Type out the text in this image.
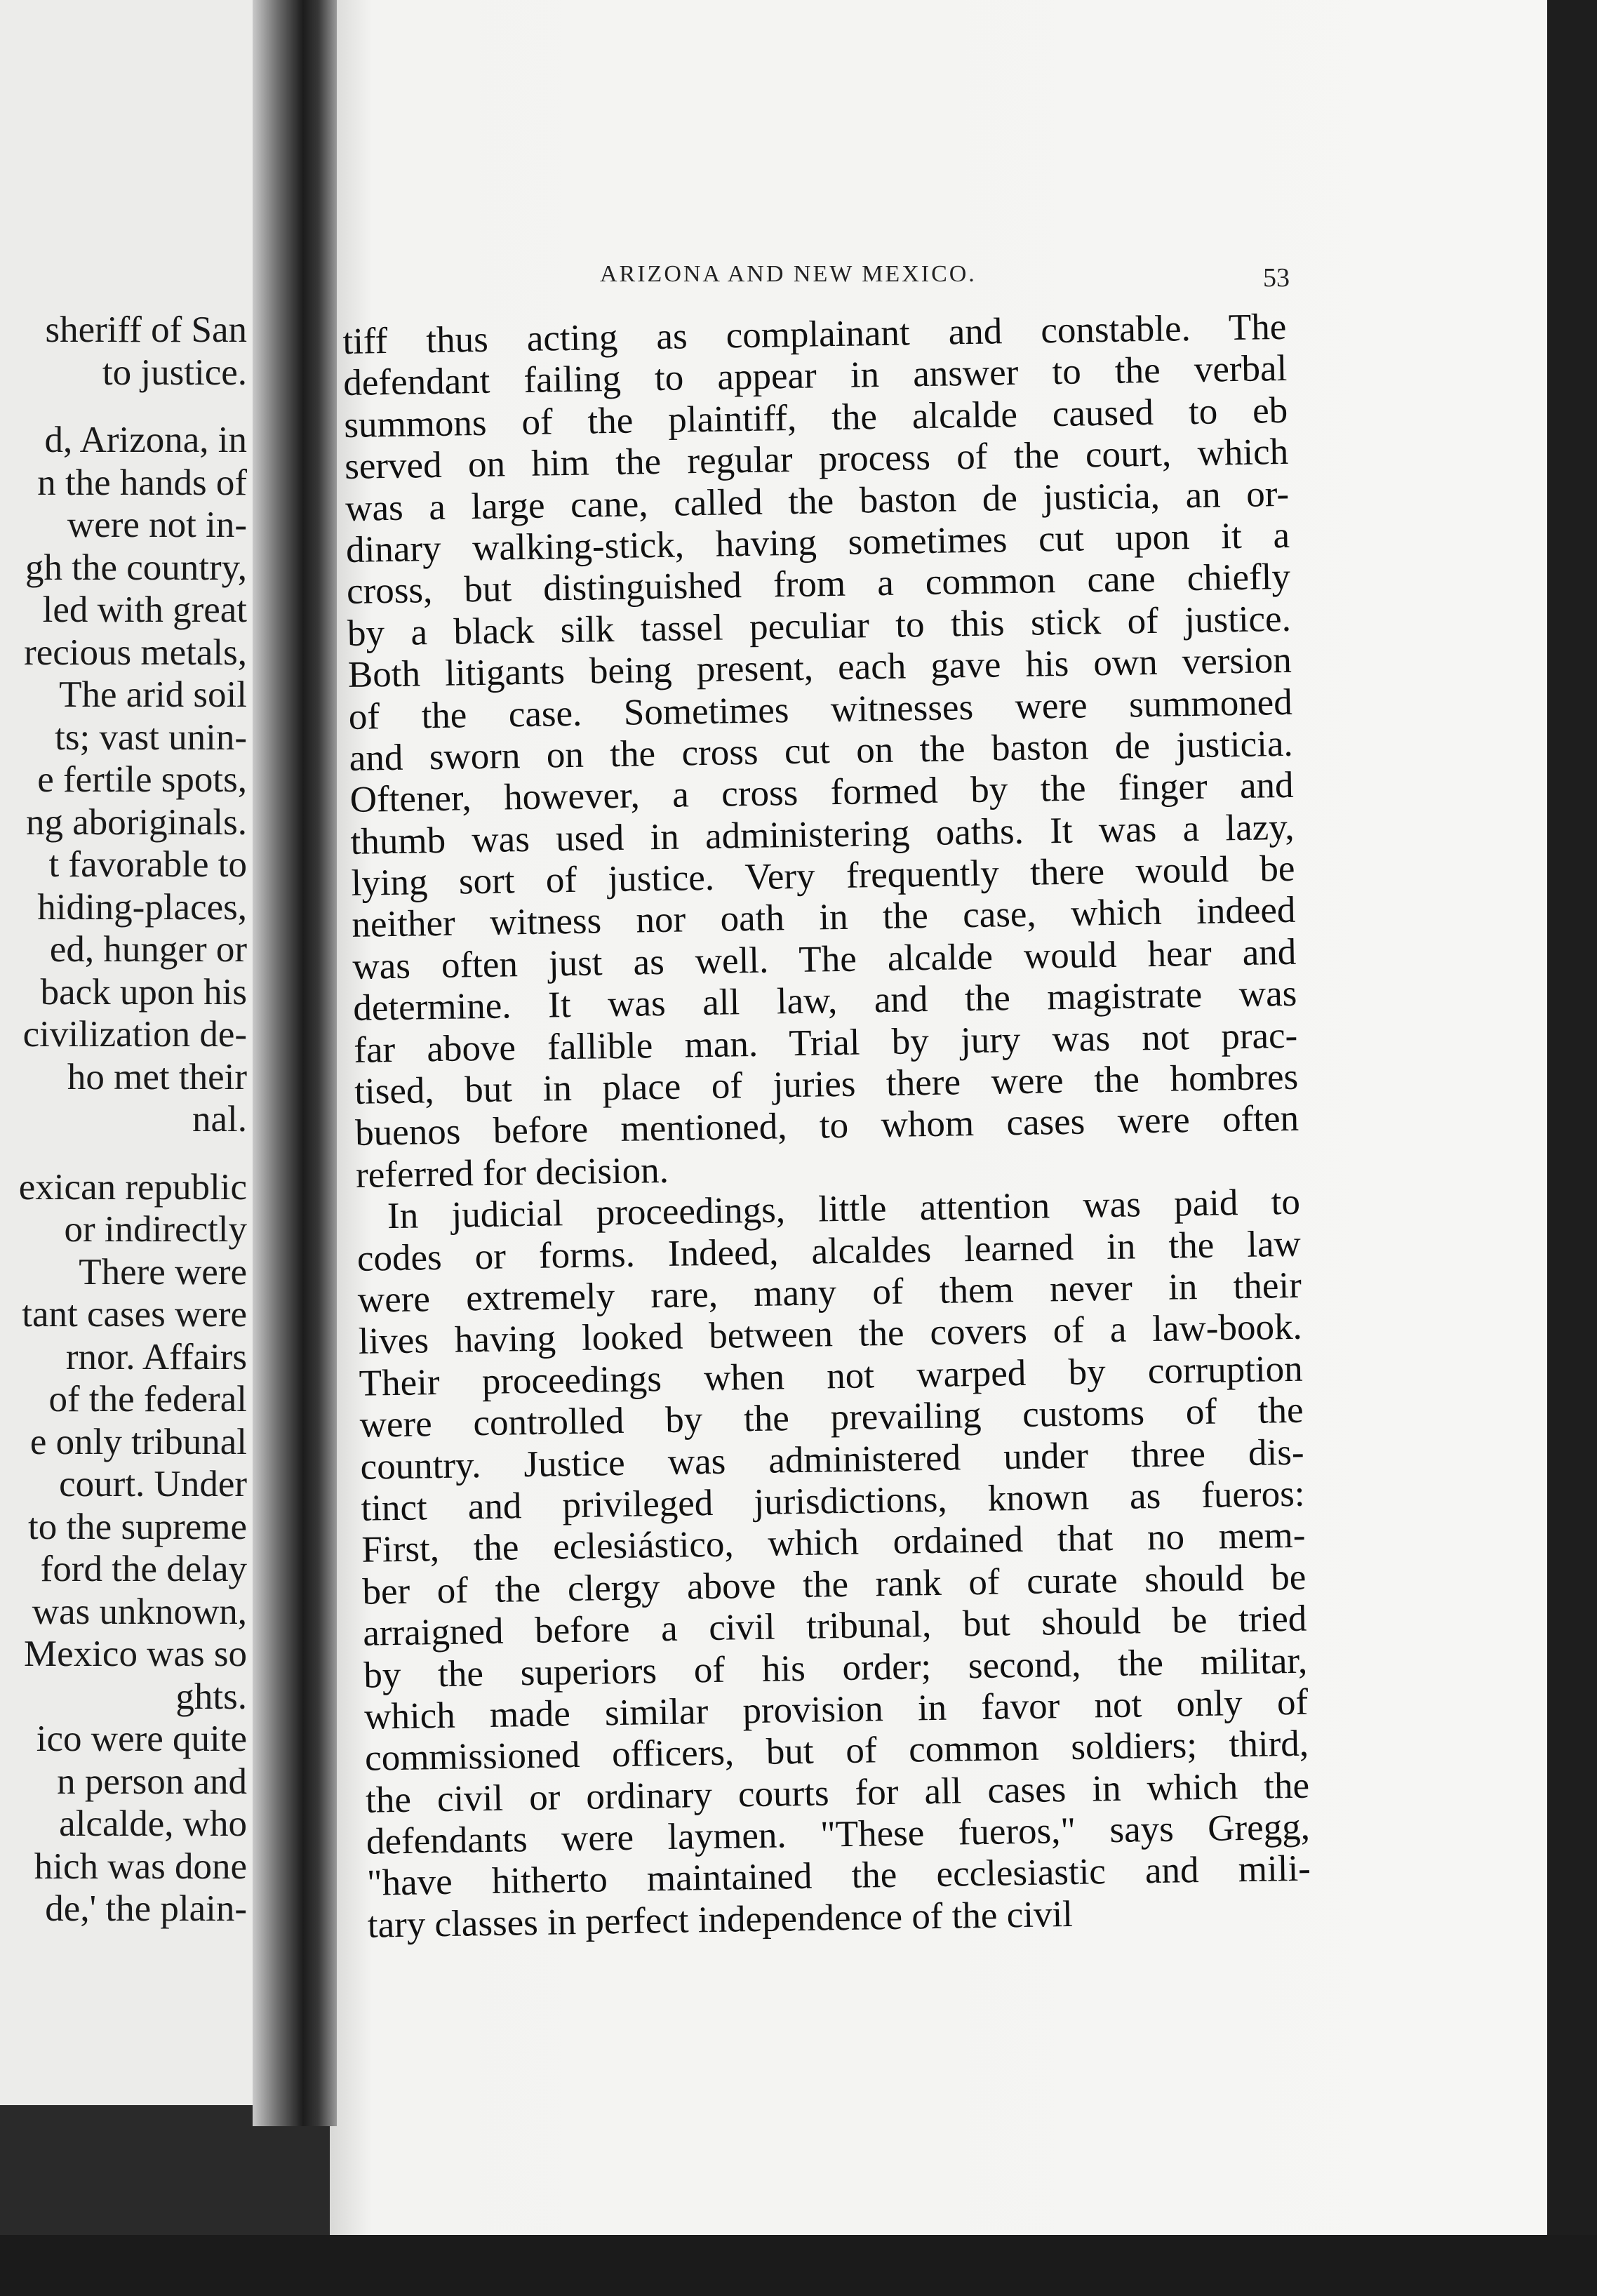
sheriff of San
to justice.
d, Arizona, in
n the hands of
were not in-
gh the country,
led with great
recious metals,
The arid soil
ts; vast unin-
e fertile spots,
ng aboriginals.
t favorable to
hiding-places,
ed, hunger or
back upon his
civilization de-
ho met their
nal.
exican republic
or indirectly
There were
tant cases were
rnor. Affairs
of the federal
e only tribunal
court. Under
to the supreme
ford the delay
was unknown,
Mexico was so
ghts.
ico were quite
n person and
alcalde, who
hich was done
de,' the plain-
ARIZONA AND NEW MEXICO.	53
tiff thus acting as complainant and constable. The
defendant failing to appear in answer to the verbal
summons of the plaintiff, the alcalde caused to eb
served on him the regular process of the court, which
was a large cane, called the baston de justicia, an or-
dinary walking-stick, having sometimes cut upon it a
cross, but distinguished from a common cane chiefly
by a black silk tassel peculiar to this stick of justice.
Both litigants being present, each gave his own version
of the case. Sometimes witnesses were summoned
and sworn on the cross cut on the baston de justicia.
Oftener, however, a cross formed by the finger and
thumb was used in administering oaths. It was a lazy,
lying sort of justice. Very frequently there would be
neither witness nor oath in the case, which indeed
was often just as well. The alcalde would hear and
determine. It was all law, and the magistrate was
far above fallible man. Trial by jury was not prac-
tised, but in place of juries there were the hombres
buenos before mentioned, to whom cases were often
referred for decision.
In judicial proceedings, little attention was paid to
codes or forms. Indeed, alcaldes learned in the law
were extremely rare, many of them never in their
lives having looked between the covers of a law-book.
Their proceedings when not warped by corruption
were controlled by the prevailing customs of the
country. Justice was administered under three dis-
tinct and privileged jurisdictions, known as fueros:
First, the eclesiástico, which ordained that no mem-
ber of the clergy above the rank of curate should be
arraigned before a civil tribunal, but should be tried
by the superiors of his order; second, the militar,
which made similar provision in favor not only of
commissioned officers, but of common soldiers; third,
the civil or ordinary courts for all cases in which the
defendants were laymen. "These fueros," says Gregg,
"have hitherto maintained the ecclesiastic and mili-
tary classes in perfect independence of the civil
